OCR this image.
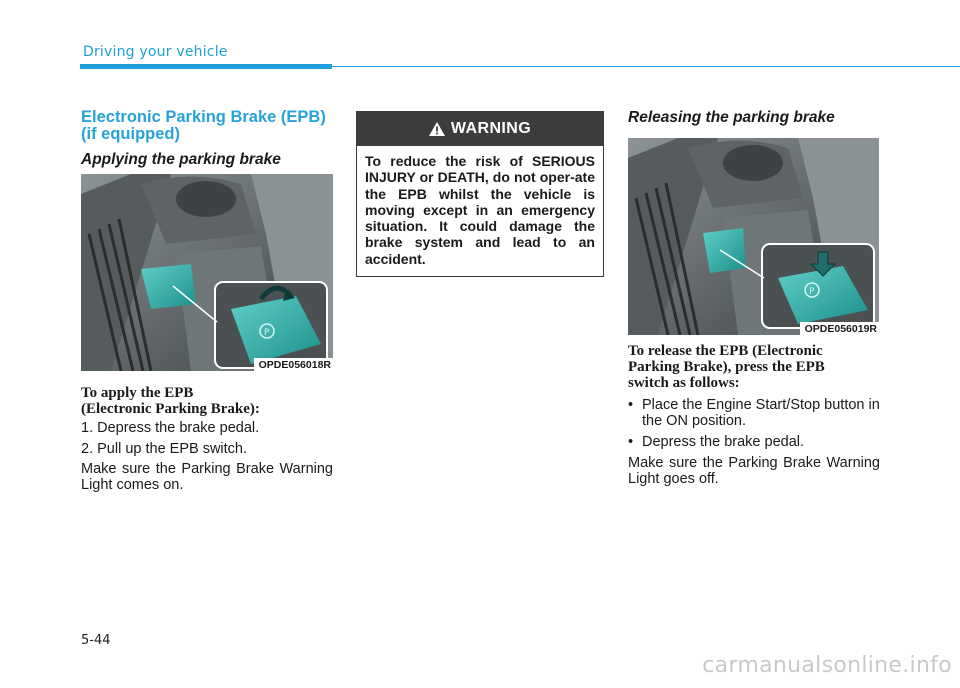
Driving your vehicle
Electronic Parking Brake (EPB)
(if equipped)
Applying the parking brake
P
OPDE056018R
To apply the EPB
(Electronic Parking Brake):
1. Depress the brake pedal.
2. Pull up the EPB switch.
Make sure the Parking Brake Warning Light comes on.
WARNING
To reduce the risk of SERIOUS INJURY or DEATH, do not oper-ate the EPB whilst the vehicle is moving except in an emergency situation. It could damage the brake system and lead to an accident.
Releasing the parking brake
P
OPDE056019R
To release the EPB (Electronic Parking Brake), press the EPB switch as follows:
• Place the Engine Start/Stop button in the ON position.
• Depress the brake pedal.
Make sure the Parking Brake Warning Light goes off.
5-44
carmanualsonline.info
